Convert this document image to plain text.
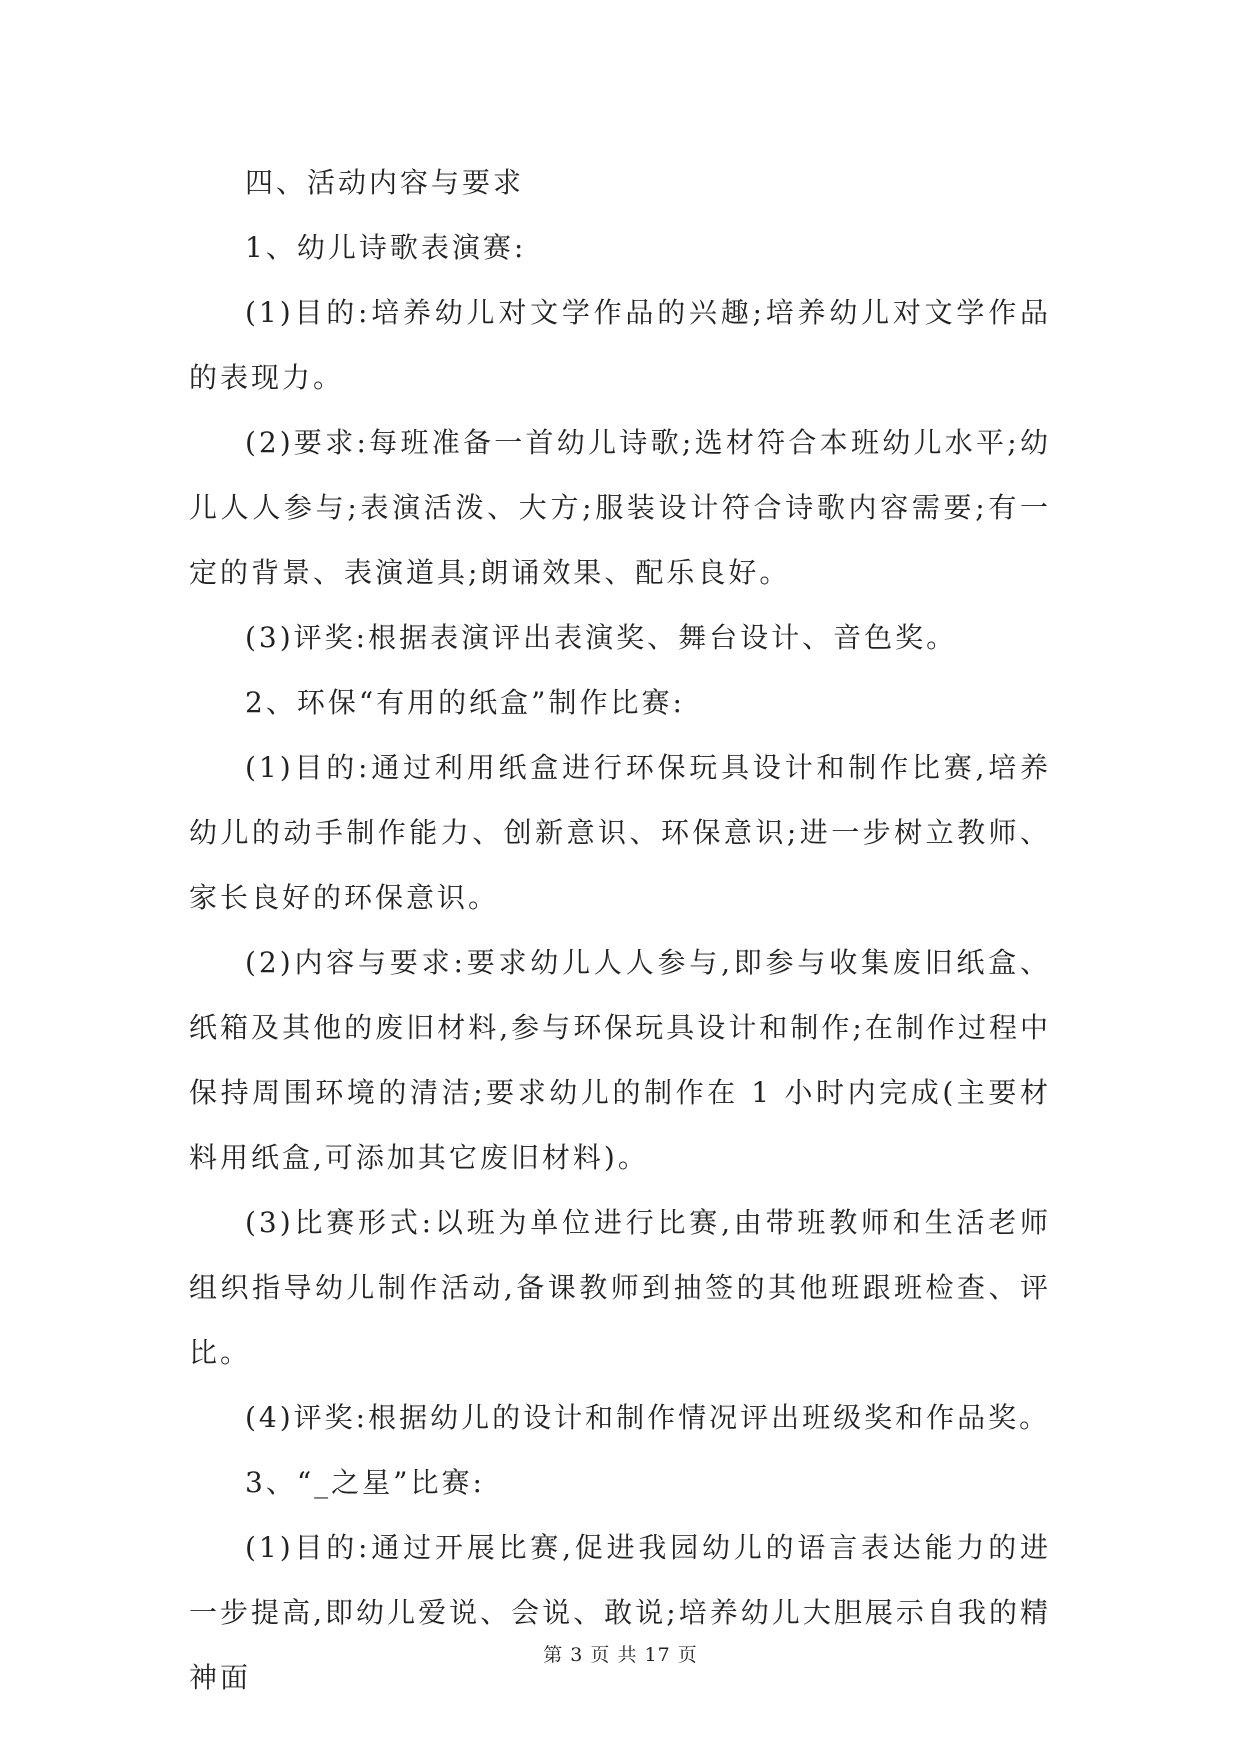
四、活动内容与要求

1、幼儿诗歌表演赛:

(1)目的:培养幼儿对文学作品的兴趣;培养幼儿对文学作品的表现力。

(2)要求:每班准备一首幼儿诗歌;选材符合本班幼儿水平;幼儿人人参与;表演活泼、大方;服装设计符合诗歌内容需要;有一定的背景、表演道具;朗诵效果、配乐良好。

(3)评奖:根据表演评出表演奖、舞台设计、音色奖。

2、环保“有用的纸盒”制作比赛:

(1)目的:通过利用纸盒进行环保玩具设计和制作比赛,培养幼儿的动手制作能力、创新意识、环保意识;进一步树立教师、家长良好的环保意识。

(2)内容与要求:要求幼儿人人参与,即参与收集废旧纸盒、纸箱及其他的废旧材料,参与环保玩具设计和制作;在制作过程中保持周围环境的清洁;要求幼儿的制作在 1 小时内完成(主要材料用纸盒,可添加其它废旧材料)。

(3)比赛形式:以班为单位进行比赛,由带班教师和生活老师组织指导幼儿制作活动,备课教师到抽签的其他班跟班检查、评比。

(4)评奖:根据幼儿的设计和制作情况评出班级奖和作品奖。

3、“_之星”比赛:

(1)目的:通过开展比赛,促进我园幼儿的语言表达能力的进一步提高,即幼儿爱说、会说、敢说;培养幼儿大胆展示自我的精神面

第 3 页 共 17 页
